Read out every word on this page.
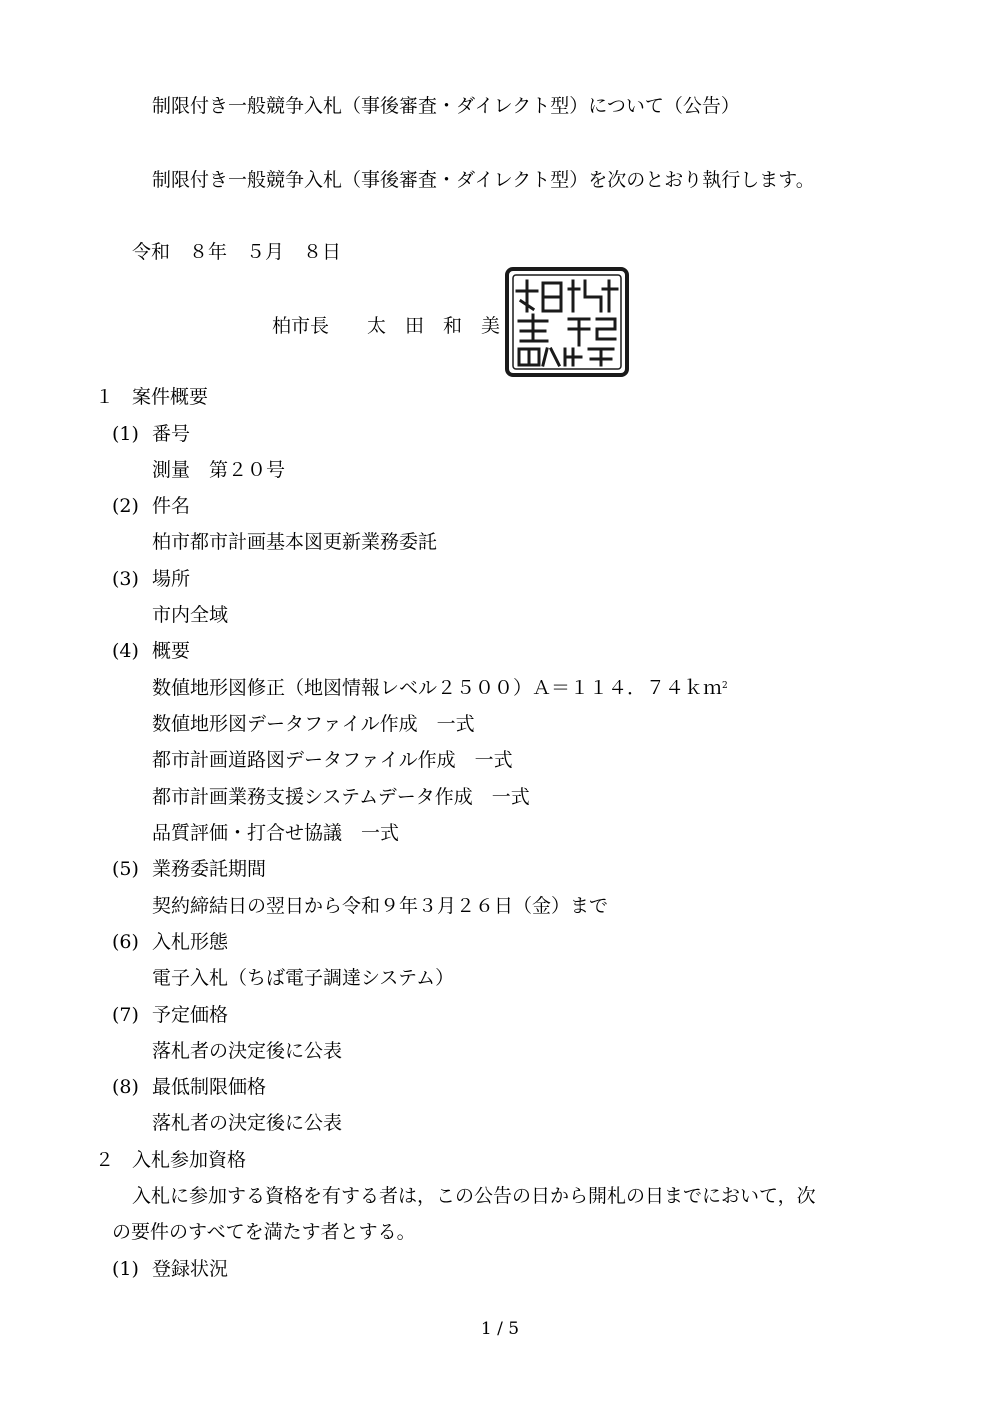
制限付き一般競争入札（事後審査・ダイレクト型）について（公告）

制限付き一般競争入札（事後審査・ダイレクト型）を次のとおり執行します。

令和　８年　５月　８日

柏市長　　太　田　和　美

１ 案件概要

(1) 番号

測量　第２０号

(2) 件名

柏市都市計画基本図更新業務委託

(3) 場所

市内全域

(4) 概要

数値地形図修正（地図情報レベル２５００）Ａ＝１１４．７４ｋｍ$^2$

数値地形図データファイル作成　一式

都市計画道路図データファイル作成　一式

都市計画業務支援システムデータ作成　一式

品質評価・打合せ協議　一式

(5) 業務委託期間

契約締結日の翌日から令和９年３月２６日（金）まで

(6) 入札形態

電子入札（ちば電子調達システム）

(7) 予定価格

落札者の決定後に公表

(8) 最低制限価格

落札者の決定後に公表

２ 入札参加資格

入札に参加する資格を有する者は，この公告の日から開札の日までにおいて，次

の要件のすべてを満たす者とする。

(1) 登録状況

1 / 5
